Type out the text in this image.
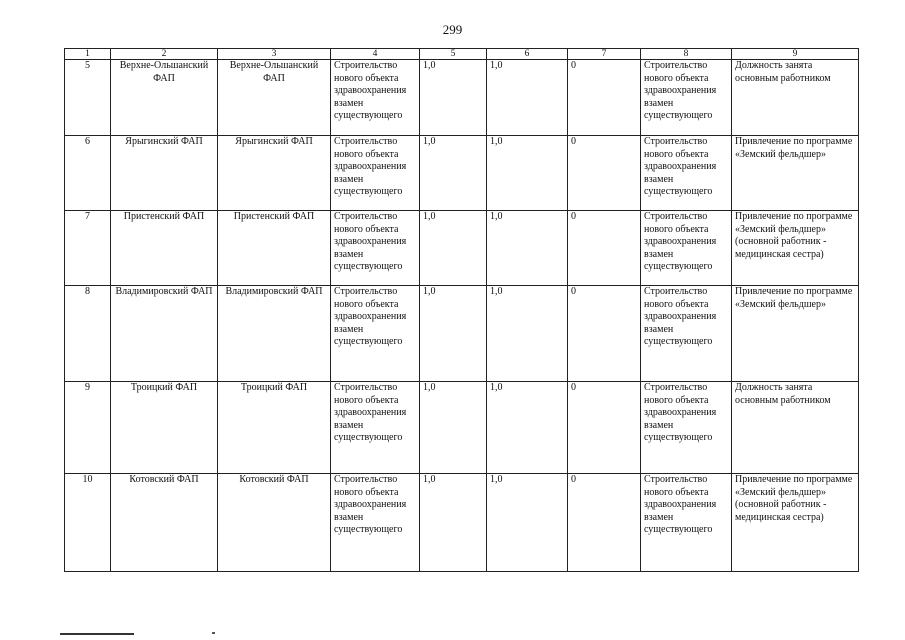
299
1	2	3	4	5	6	7	8	9
5	Верхне-Ольшанский ФАП	Верхне-Ольшанский ФАП	Строительство нового объекта здравоохранения взамен существующего	1,0	1,0	0	Строительство нового объекта здравоохранения взамен существующего	Должность занята основным работником
6	Ярыгинский ФАП	Ярыгинский ФАП	Строительство нового объекта здравоохранения взамен существующего	1,0	1,0	0	Строительство нового объекта здравоохранения взамен существующего	Привлечение по программе «Земский фельдшер»
7	Пристенский ФАП	Пристенский ФАП	Строительство нового объекта здравоохранения взамен существующего	1,0	1,0	0	Строительство нового объекта здравоохранения взамен существующего	Привлечение по программе «Земский фельдшер» (основной работник - медицинская сестра)
8	Владимировский ФАП	Владимировский ФАП	Строительство нового объекта здравоохранения взамен существующего	1,0	1,0	0	Строительство нового объекта здравоохранения взамен существующего	Привлечение по программе «Земский фельдшер»
9	Троицкий ФАП	Троицкий ФАП	Строительство нового объекта здравоохранения взамен существующего	1,0	1,0	0	Строительство нового объекта здравоохранения взамен существующего	Должность занята основным работником
10	Котовский ФАП	Котовский ФАП	Строительство нового объекта здравоохранения взамен существующего	1,0	1,0	0	Строительство нового объекта здравоохранения взамен существующего	Привлечение по программе «Земский фельдшер» (основной работник - медицинская сестра)
